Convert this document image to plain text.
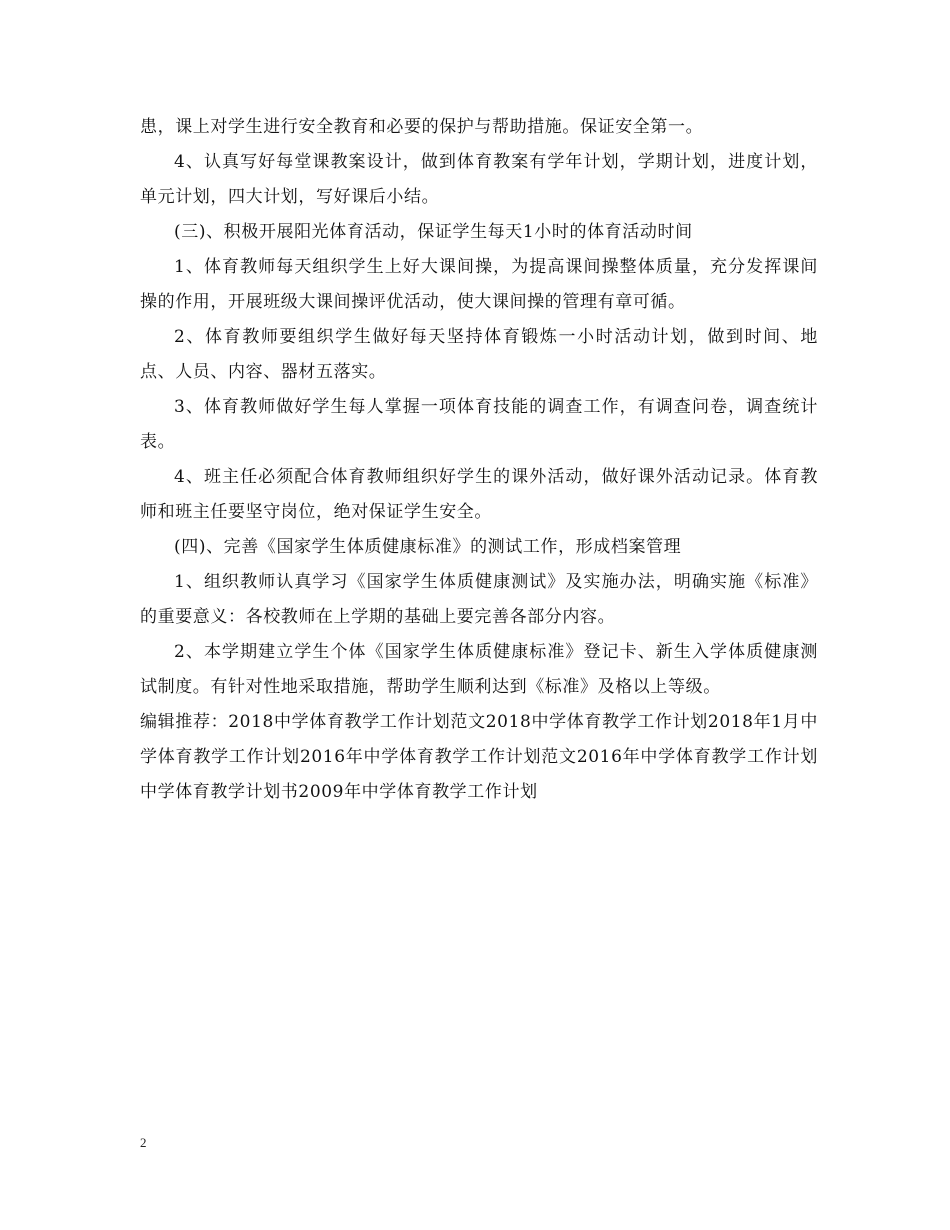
患，课上对学生进行安全教育和必要的保护与帮助措施。保证安全第一。

4、认真写好每堂课教案设计，做到体育教案有学年计划，学期计划，进度计划，单元计划，四大计划，写好课后小结。

(三)、积极开展阳光体育活动，保证学生每天1小时的体育活动时间

1、体育教师每天组织学生上好大课间操，为提高课间操整体质量，充分发挥课间操的作用，开展班级大课间操评优活动，使大课间操的管理有章可循。

2、体育教师要组织学生做好每天坚持体育锻炼一小时活动计划，做到时间、地点、人员、内容、器材五落实。

3、体育教师做好学生每人掌握一项体育技能的调查工作，有调查问卷，调查统计表。

4、班主任必须配合体育教师组织好学生的课外活动，做好课外活动记录。体育教师和班主任要坚守岗位，绝对保证学生安全。

(四)、完善《国家学生体质健康标准》的测试工作，形成档案管理

1、组织教师认真学习《国家学生体质健康测试》及实施办法，明确实施《标准》的重要意义：各校教师在上学期的基础上要完善各部分内容。

2、本学期建立学生个体《国家学生体质健康标准》登记卡、新生入学体质健康测试制度。有针对性地采取措施，帮助学生顺利达到《标准》及格以上等级。

编辑推荐：2018中学体育教学工作计划范文2018中学体育教学工作计划2018年1月中学体育教学工作计划2016年中学体育教学工作计划范文2016年中学体育教学工作计划中学体育教学计划书2009年中学体育教学工作计划

2
